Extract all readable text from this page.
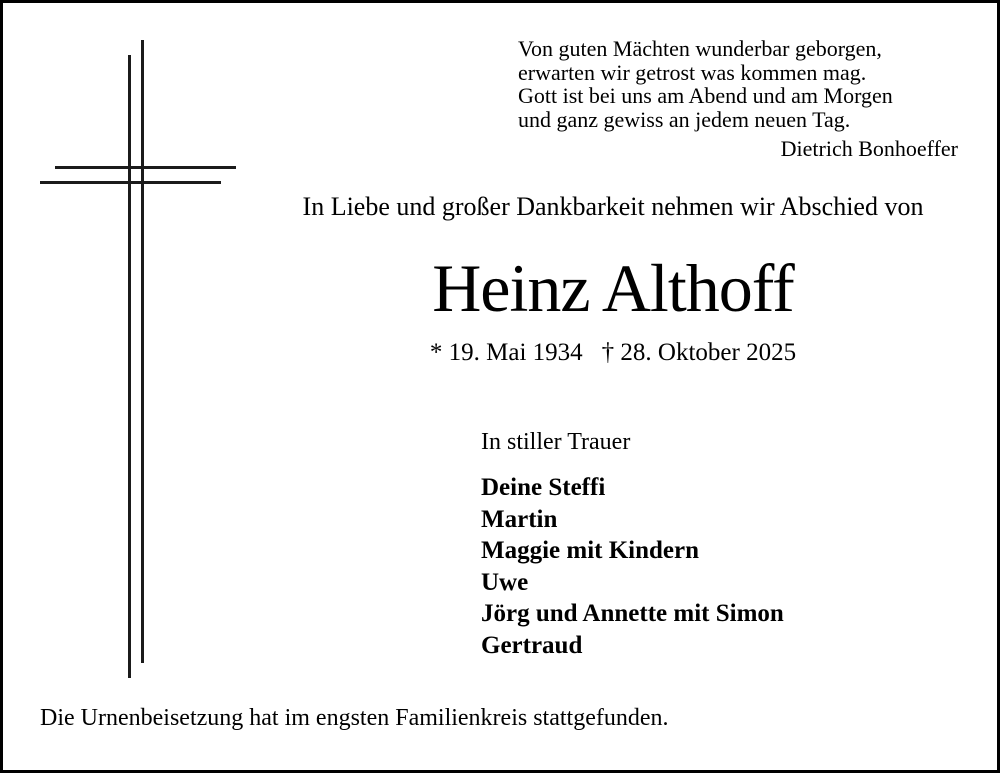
Von guten Mächten wunderbar geborgen,
erwarten wir getrost was kommen mag.
Gott ist bei uns am Abend und am Morgen
und ganz gewiss an jedem neuen Tag.
Dietrich Bonhoeffer
In Liebe und großer Dankbarkeit nehmen wir Abschied von
Heinz Althoff
* 19. Mai 1934 † 28. Oktober 2025
In stiller Trauer
Deine Steffi
Martin
Maggie mit Kindern
Uwe
Jörg und Annette mit Simon
Gertraud
Die Urnenbeisetzung hat im engsten Familienkreis stattgefunden.
